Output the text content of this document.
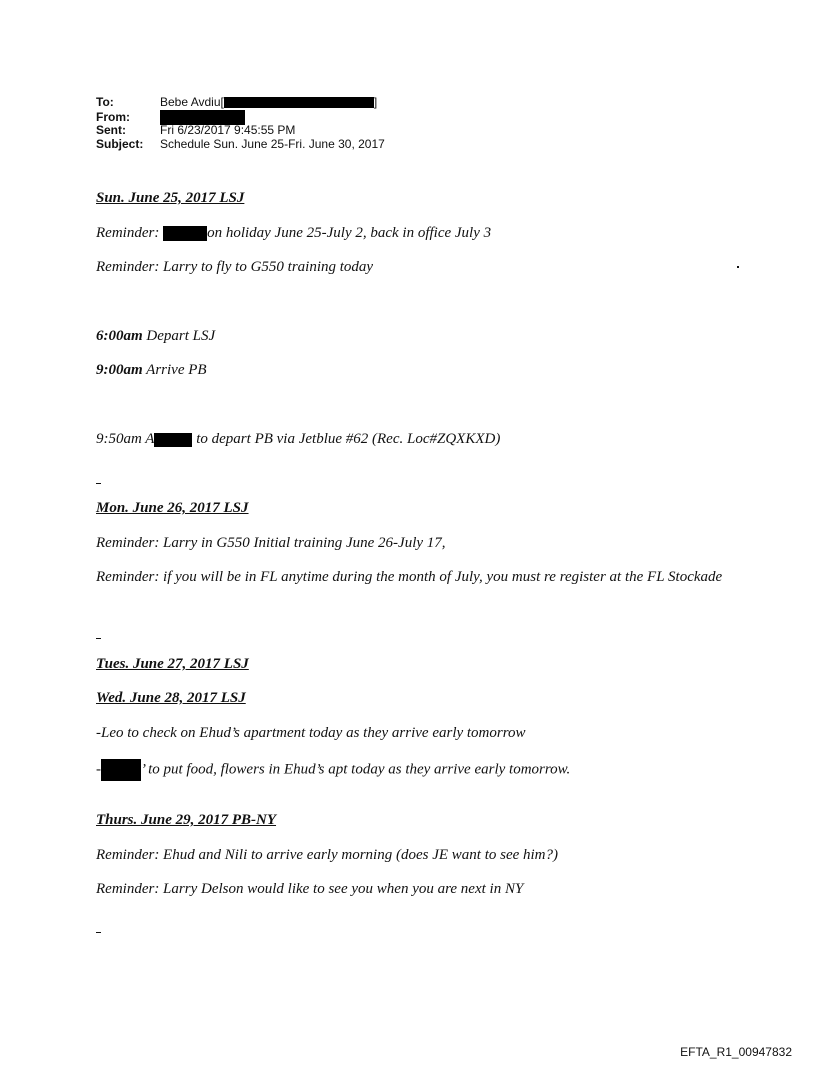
To:	Bebe Avdiu[	]
From:
Sent:	Fri 6/23/2017 9:45:55 PM
Subject: Schedule Sun. June 25-Fri. June 30, 2017
Sun. June 25, 2017 LSJ
Reminder:	on holiday June 25-July 2, back in office July 3
Reminder: Larry to fly to G550 training today
6:00am Depart LSJ
9:00am Arrive PB
9:50am A	to depart PB via Jetblue #62 (Rec. Loc#ZQXKXD)
Mon. June 26, 2017 LSJ
Reminder: Larry in G550 Initial training June 26-July 17,
Reminder: if you will be in FL anytime during the month of July, you must re register at the FL Stockade
Tues. June 27, 2017 LSJ
Wed. June 28, 2017 LSJ
-Leo to check on Ehud’s apartment today as they arrive early tomorrow
-	’ to put food, flowers in Ehud’s apt today as they arrive early tomorrow.
Thurs. June 29, 2017 PB-NY
Reminder: Ehud and Nili to arrive early morning (does JE want to see him?)
Reminder: Larry Delson would like to see you when you are next in NY
EFTA_R1_00947832
